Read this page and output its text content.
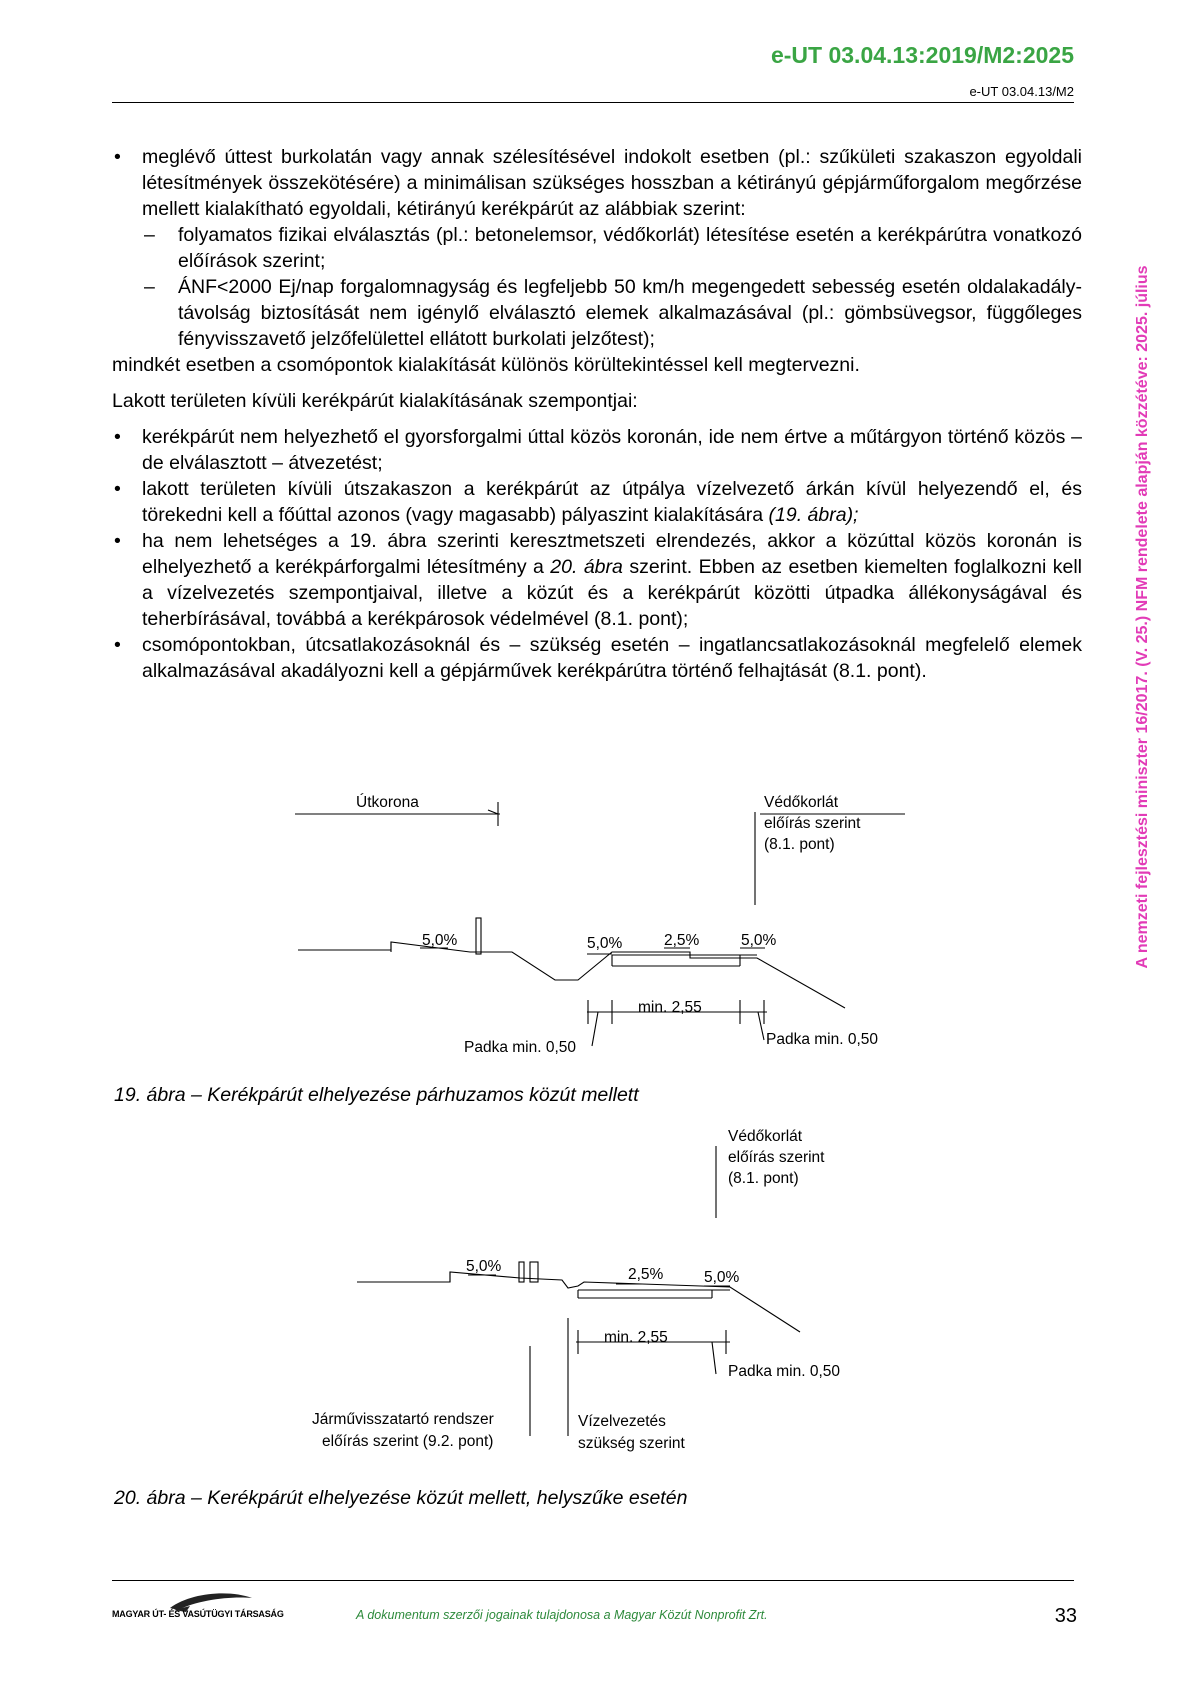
e-UT 03.04.13:2019/M2:2025
e-UT 03.04.13/M2
A nemzeti fejlesztési miniszter 16/2017. (V. 25.) NFM rendelete alapján közzétéve: 2025. július

• meglévő úttest burkolatán vagy annak szélesítésével indokolt esetben (pl.: szűkületi szakaszon egyoldali létesítmények összekötésére) a minimálisan szükséges hosszban a kétirányú gépjárműforgalom megőrzése mellett kialakítható egyoldali, kétirányú kerékpárút az alábbiak szerint:

– folyamatos fizikai elválasztás (pl.: betonelemsor, védőkorlát) létesítése esetén a kerékpárútra vonatkozó előírások szerint;

– ÁNF<2000 Ej/nap forgalomnagyság és legfeljebb 50 km/h megengedett sebesség esetén oldalakadály-távolság biztosítását nem igénylő elválasztó elemek alkalmazásával (pl.: gömbsüvegsor, függőleges fényvisszavető jelzőfelülettel ellátott burkolati jelzőtest);

mindkét esetben a csomópontok kialakítását különös körültekintéssel kell megtervezni.

Lakott területen kívüli kerékpárút kialakításának szempontjai:

• kerékpárút nem helyezhető el gyorsforgalmi úttal közös koronán, ide nem értve a műtárgyon történő közös – de elválasztott – átvezetést;

• lakott területen kívüli útszakaszon a kerékpárút az útpálya vízelvezető árkán kívül helyezendő el, és törekedni kell a főúttal azonos (vagy magasabb) pályaszint kialakítására (19. ábra);

• ha nem lehetséges a 19. ábra szerinti keresztmetszeti elrendezés, akkor a közúttal közös koronán is elhelyezhető a kerékpárforgalmi létesítmény a 20. ábra szerint. Ebben az esetben kiemelten foglalkozni kell a vízelvezetés szempontjaival, illetve a közút és a kerékpárút közötti útpadka állékonyságával és teherbírásával, továbbá a kerékpárosok védelmével (8.1. pont);

• csomópontokban, útcsatlakozásoknál és – szükség esetén – ingatlancsatlakozásoknál megfelelő elemek alkalmazásával akadályozni kell a gépjárművek kerékpárútra történő felhajtását (8.1. pont).

Útkorona	Védőkorlát
előírás szerint
(8.1. pont)
5,0%	5,0%	2,5%	5,0%
min. 2,55
Padka min. 0,50	Padka min. 0,50
19. ábra – Kerékpárút elhelyezése párhuzamos közút mellett
Védőkorlát
előírás szerint
(8.1. pont)
5,0%	2,5%	5,0%
min. 2,55
Padka min. 0,50
Járművisszatartó rendszer
előírás szerint (9.2. pont)
Vízelvezetés
szükség szerint
20. ábra – Kerékpárút elhelyezése közút mellett, helyszűke esetén
MAGYAR ÚT- ÉS VASÚTÜGYI TÁRSASÁG	A dokumentum szerzői jogainak tulajdonosa a Magyar Közút Nonprofit Zrt.	33
